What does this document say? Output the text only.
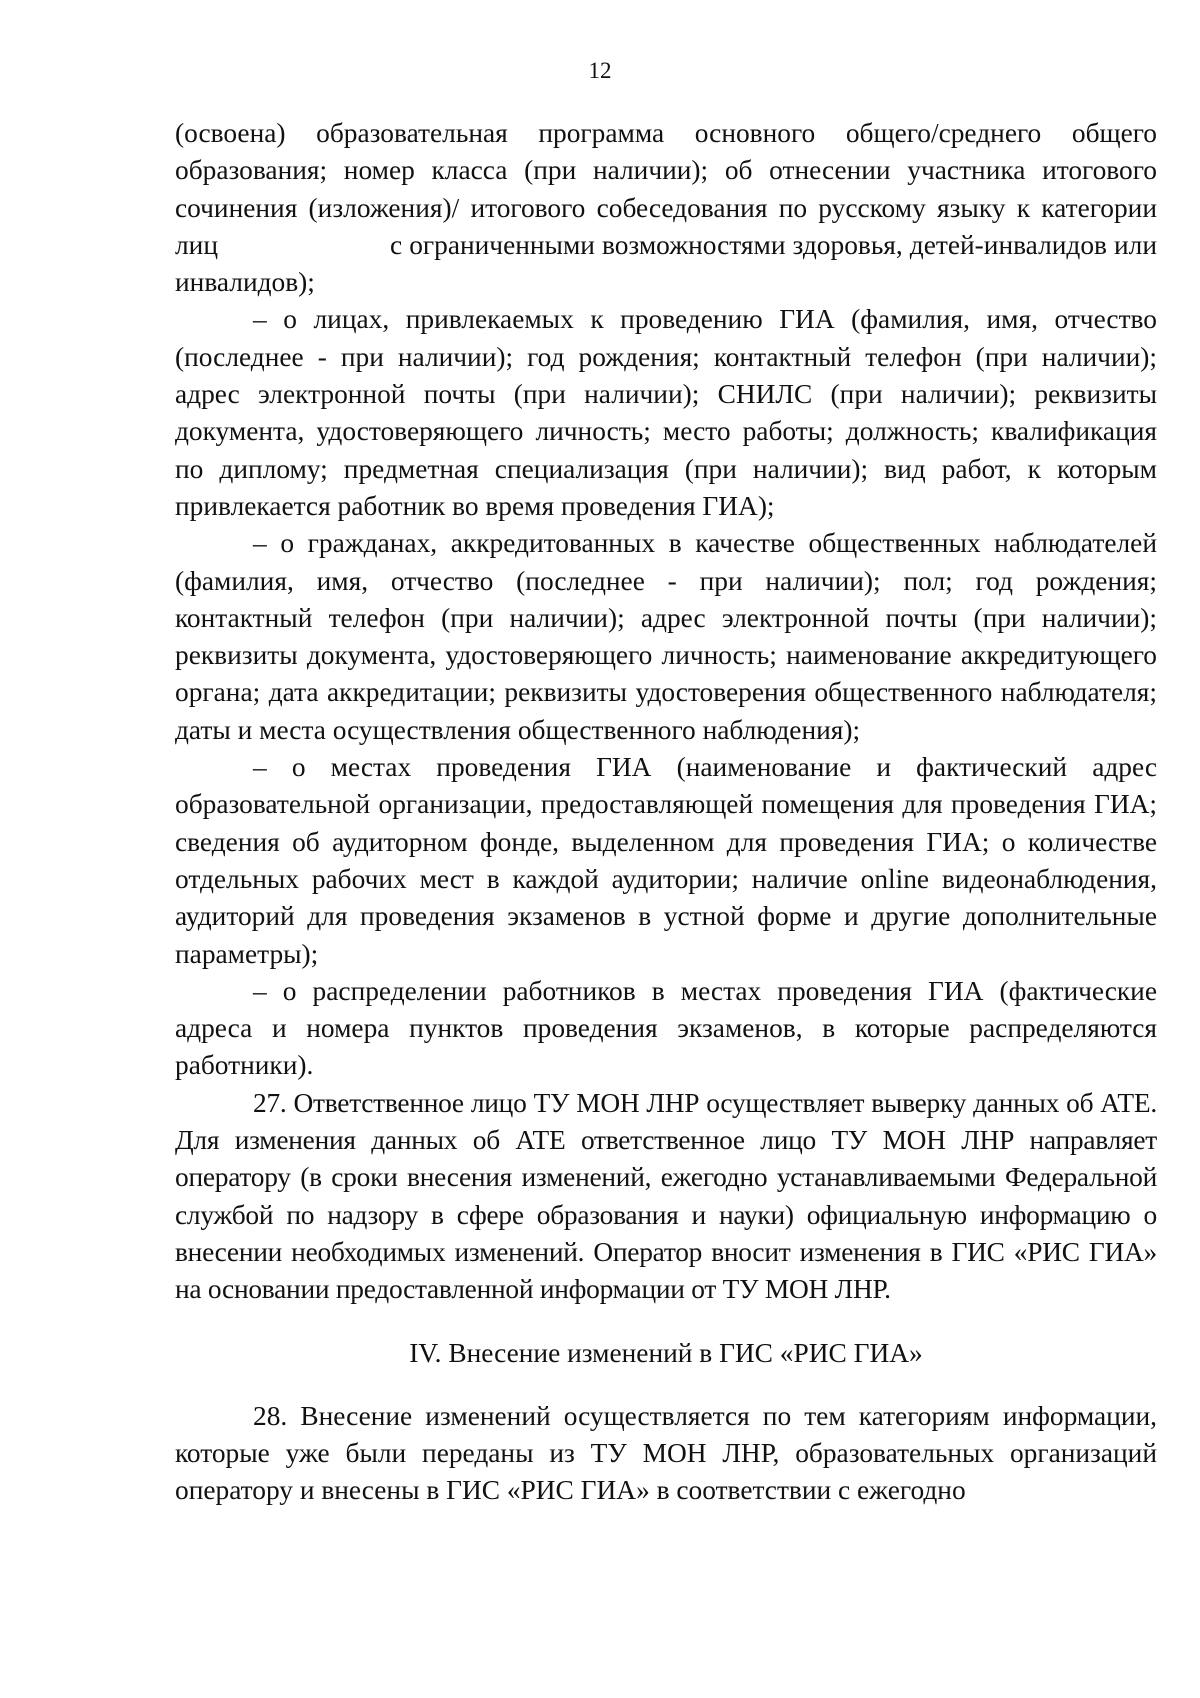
12

(освоена) образовательная программа основного общего/среднего общего образования; номер класса (при наличии); об отнесении участника итогового сочинения (изложения)/ итогового собеседования по русскому языку к категории лиц	с ограниченными возможностями здоровья, детей-инвалидов или инвалидов);

– о лицах, привлекаемых к проведению ГИА (фамилия, имя, отчество (последнее - при наличии); год рождения; контактный телефон (при наличии); адрес электронной почты (при наличии); СНИЛС (при наличии); реквизиты документа, удостоверяющего личность; место работы; должность; квалификация по диплому; предметная специализация (при наличии); вид работ, к которым привлекается работник во время проведения ГИА);

– о гражданах, аккредитованных в качестве общественных наблюдателей (фамилия, имя, отчество (последнее - при наличии); пол; год рождения; контактный телефон (при наличии); адрес электронной почты (при наличии); реквизиты документа, удостоверяющего личность; наименование аккредитующего органа; дата аккредитации; реквизиты удостоверения общественного наблюдателя; даты и места осуществления общественного наблюдения);

– о местах проведения ГИА (наименование и фактический адрес образовательной организации, предоставляющей помещения для проведения ГИА; сведения об аудиторном фонде, выделенном для проведения ГИА; о количестве отдельных рабочих мест в каждой аудитории; наличие online видеонаблюдения, аудиторий для проведения экзаменов в устной форме и другие дополнительные параметры);

– о распределении работников в местах проведения ГИА (фактические адреса и номера пунктов проведения экзаменов, в которые распределяются работники).

27. Ответственное лицо ТУ МОН ЛНР осуществляет выверку данных об АТЕ. Для изменения данных об АТЕ ответственное лицо ТУ МОН ЛНР направляет оператору (в сроки внесения изменений, ежегодно устанавливаемыми Федеральной службой по надзору в сфере образования и науки) официальную информацию о внесении необходимых изменений. Оператор вносит изменения в ГИС «РИС ГИА» на основании предоставленной информации от ТУ МОН ЛНР.

IV. Внесение изменений в ГИС «РИС ГИА»

28. Внесение изменений осуществляется по тем категориям информации, которые уже были переданы из ТУ МОН ЛНР, образовательных организаций оператору и внесены в ГИС «РИС ГИА» в соответствии с ежегодно
